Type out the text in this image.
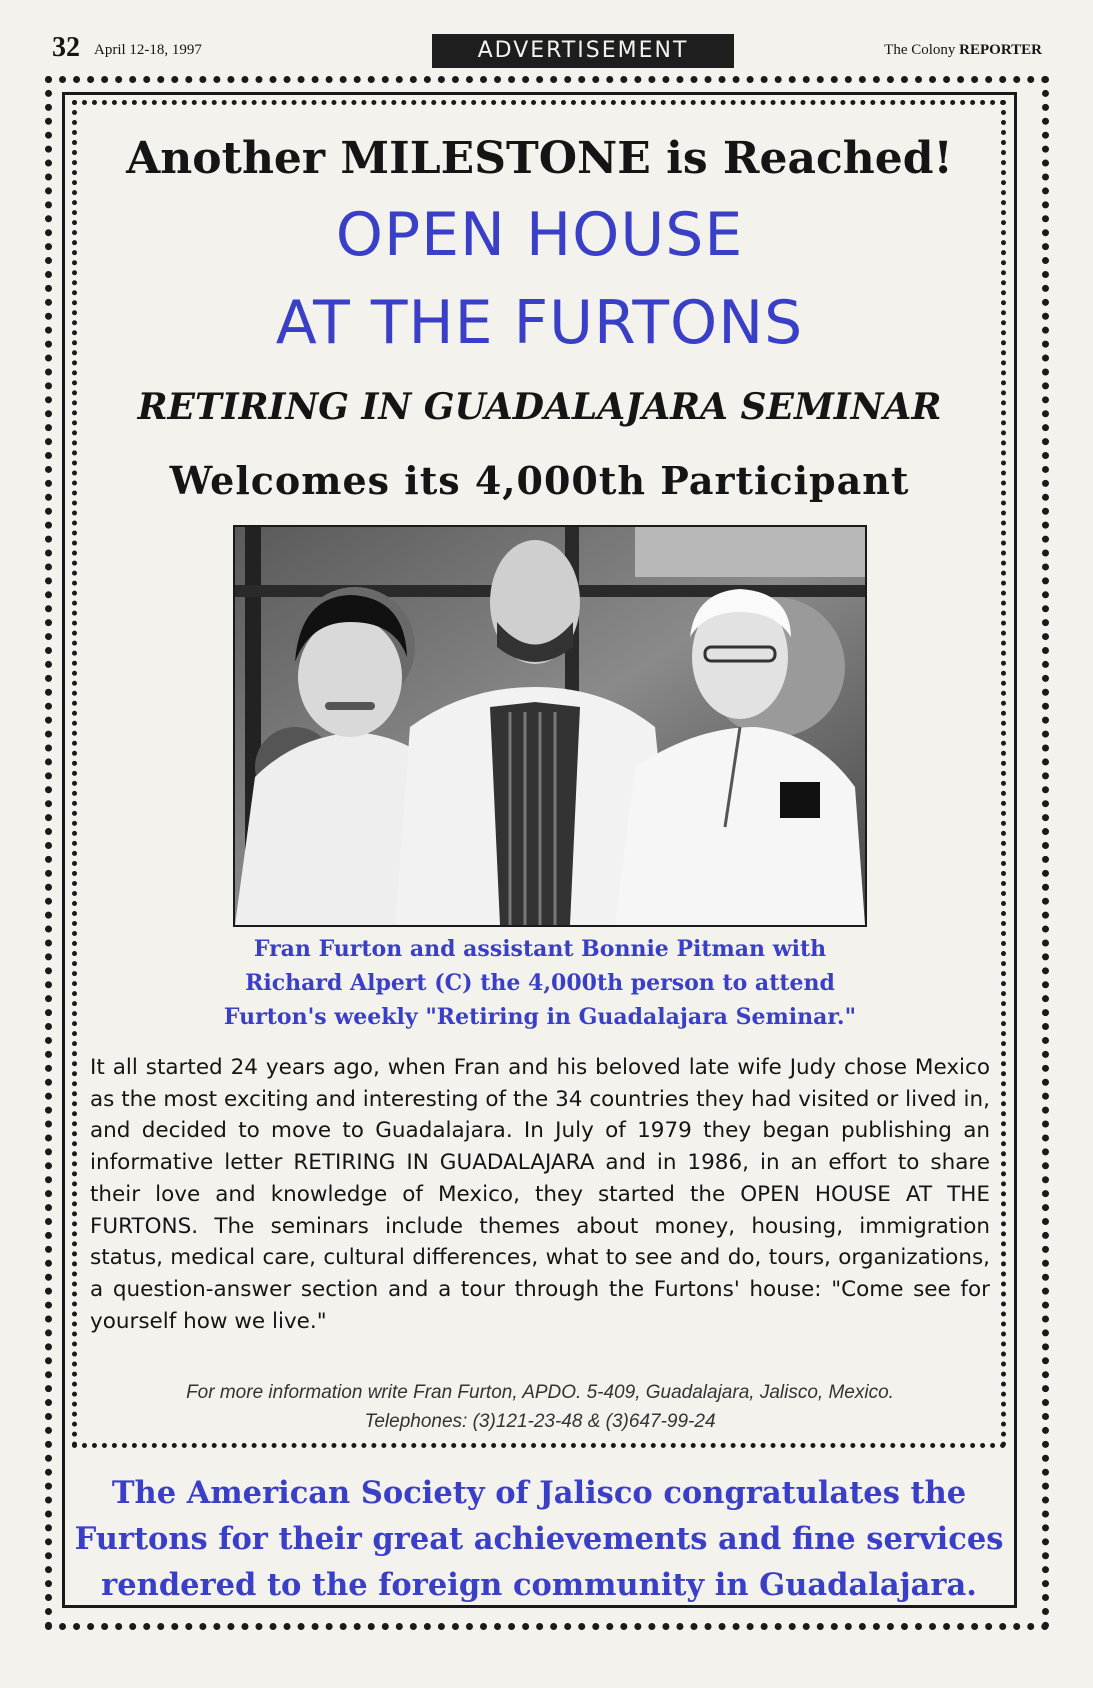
32 April 12-18, 1997	ADVERTISEMENT	The Colony REPORTER
Another MILESTONE is Reached!
OPEN HOUSE
AT THE FURTONS
RETIRING IN GUADALAJARA SEMINAR
Welcomes its 4,000th Participant
Fran Furton and assistant Bonnie Pitman with
Richard Alpert (C) the 4,000th person to attend
Furton's weekly "Retiring in Guadalajara Seminar."
It all started 24 years ago, when Fran and his beloved late wife Judy chose Mexico as the most exciting and interesting of the 34 countries they had visited or lived in, and decided to move to Guadalajara. In July of 1979 they began publishing an informative letter RETIRING IN GUADALAJARA and in 1986, in an effort to share their love and knowledge of Mexico, they started the OPEN HOUSE AT THE FURTONS. The seminars include themes about money, housing, immigration status, medical care, cultural differences, what to see and do, tours, organizations, a question-answer section and a tour through the Furtons' house: "Come see for yourself how we live."
For more information write Fran Furton, APDO. 5-409, Guadalajara, Jalisco, Mexico.
Telephones: (3)121-23-48 & (3)647-99-24
The American Society of Jalisco congratulates the
Furtons for their great achievements and fine services
rendered to the foreign community in Guadalajara.
